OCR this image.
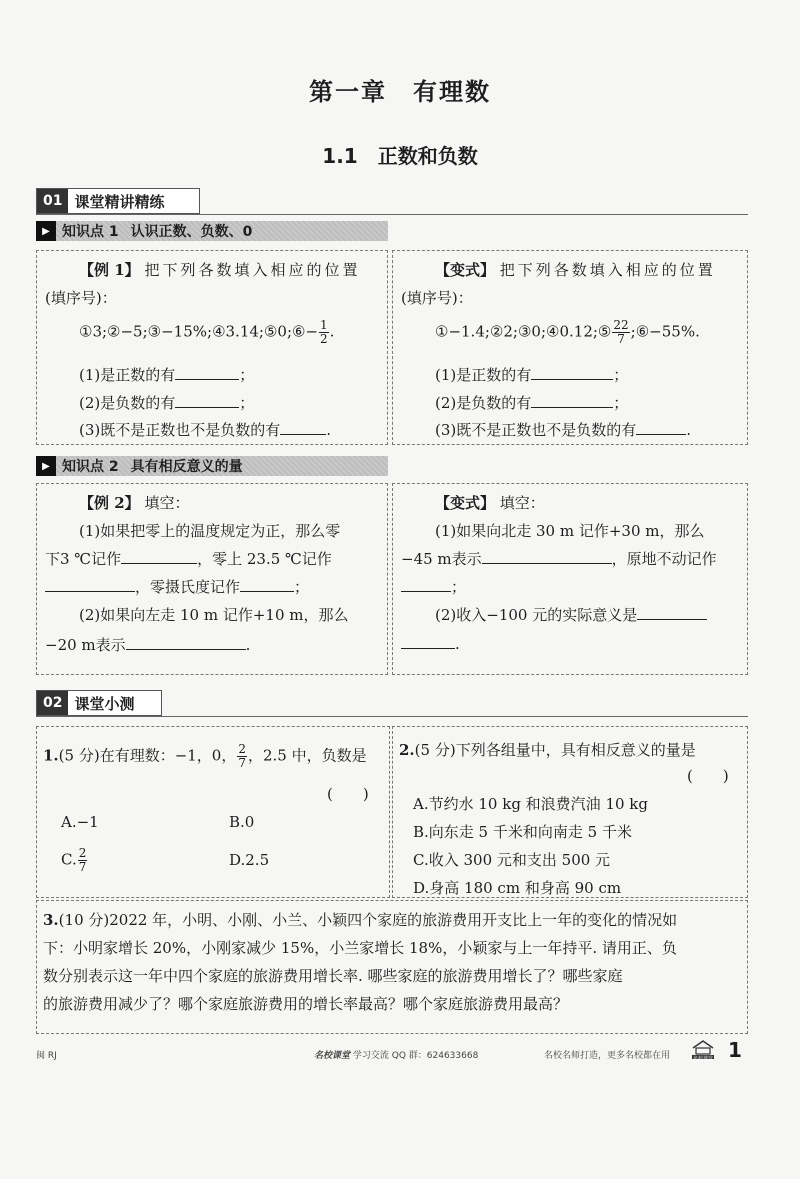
第一章　有理数
1.1　正数和负数
01 课堂精讲精练
▶ 知识点 1 认识正数、负数、0
【例 1】 把下列各数填入相应的位置
(填序号)：
①3;②−5;③−15%;④3.14;⑤0;⑥− $\frac{1}{2}$ .
(1)是正数的有	；
(2)是负数的有	；
(3)既不是正数也不是负数的有	.
【变式】 把下列各数填入相应的位置
(填序号)：
①−1.4;②2;③0;④0.12;⑤ $\frac{22}{7}$ ;⑥−55%.
(1)是正数的有	；
(2)是负数的有	；
(3)既不是正数也不是负数的有	.
▶ 知识点 2 具有相反意义的量
【例 2】 填空：
(1)如果把零上的温度规定为正，那么零
下3 ℃记作	，零上 23.5 ℃记作
，零摄氏度记作	；
(2)如果向左走 10 m 记作+10 m，那么
−20 m表示	.
【变式】 填空：
(1)如果向北走 30 m 记作+30 m，那么
−45 m表示	，原地不动记作
；
(2)收入−100 元的实际意义是
.
02 课堂小测
1.(5 分)在有理数：−1，0， $\frac{2}{7}$ ，2.5 中，负数是
(　　)
A.−1	B.0
C. $\frac{2}{7}$	D.2.5
2.(5 分)下列各组量中，具有相反意义的量是
(　　)
A.节约水 10 kg 和浪费汽油 10 kg
B.向东走 5 千米和向南走 5 千米
C.收入 300 元和支出 500 元
D.身高 180 cm 和身高 90 cm
3.(10 分)2022 年，小明、小刚、小兰、小颖四个家庭的旅游费用开支比上一年的变化的情况如
下：小明家增长 20%，小刚家减少 15%，小兰家增长 18%，小颖家与上一年持平. 请用正、负
数分别表示这一年中四个家庭的旅游费用增长率. 哪些家庭的旅游费用增长了？哪些家庭
的旅游费用减少了？哪个家庭旅游费用的增长率最高？哪个家庭旅游费用最高？
闽 RJ	名校课堂 学习交流 QQ 群：624633668	名校名师打造，更多名校都在用	名校课堂 1
